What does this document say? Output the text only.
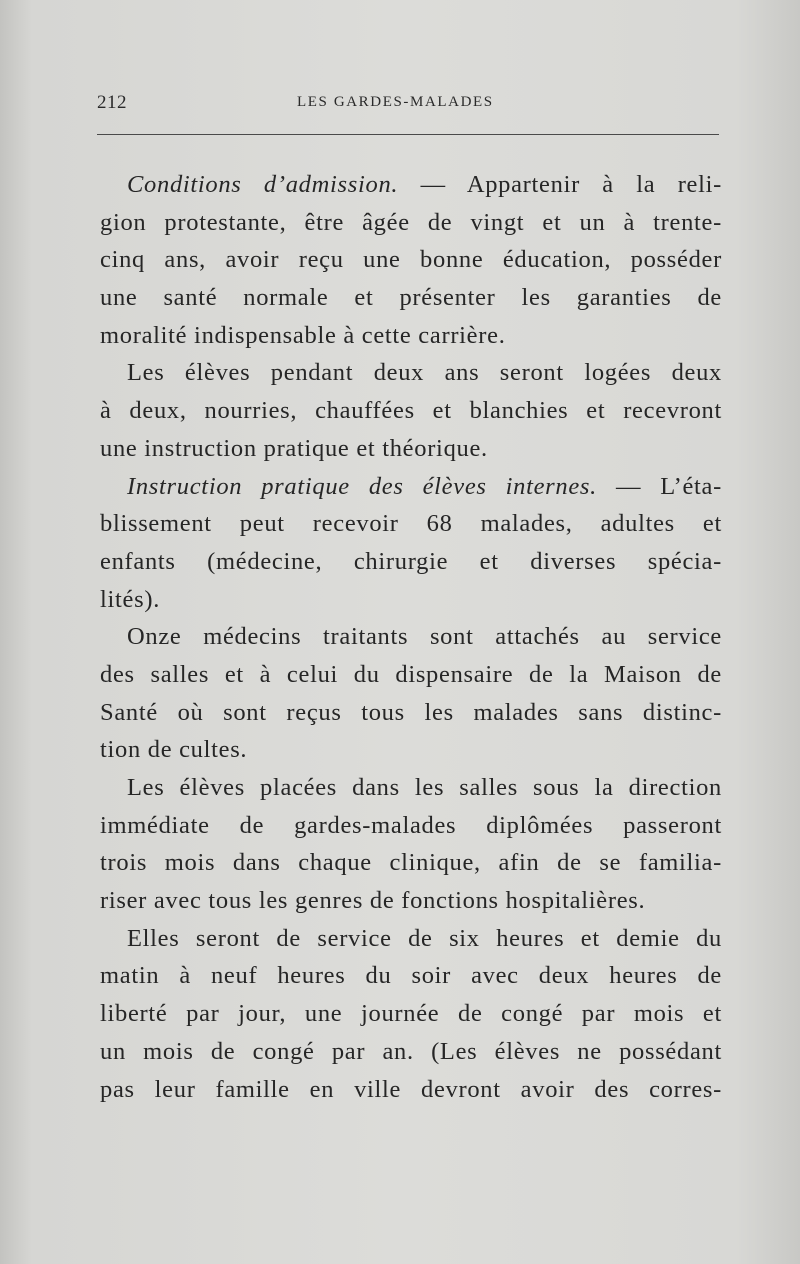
212	LES GARDES-MALADES
Conditions d’admission. — Appartenir à la reli-
gion protestante, être âgée de vingt et un à trente-
cinq ans, avoir reçu une bonne éducation, posséder
une santé normale et présenter les garanties de
moralité indispensable à cette carrière.
Les élèves pendant deux ans seront logées deux
à deux, nourries, chauffées et blanchies et recevront
une instruction pratique et théorique.
Instruction pratique des élèves internes. — L’éta-
blissement peut recevoir 68 malades, adultes et
enfants (médecine, chirurgie et diverses spécia-
lités).
Onze médecins traitants sont attachés au service
des salles et à celui du dispensaire de la Maison de
Santé où sont reçus tous les malades sans distinc-
tion de cultes.
Les élèves placées dans les salles sous la direction
immédiate de gardes-malades diplômées passeront
trois mois dans chaque clinique, afin de se familia-
riser avec tous les genres de fonctions hospitalières.
Elles seront de service de six heures et demie du
matin à neuf heures du soir avec deux heures de
liberté par jour, une journée de congé par mois et
un mois de congé par an. (Les élèves ne possédant
pas leur famille en ville devront avoir des corres-
